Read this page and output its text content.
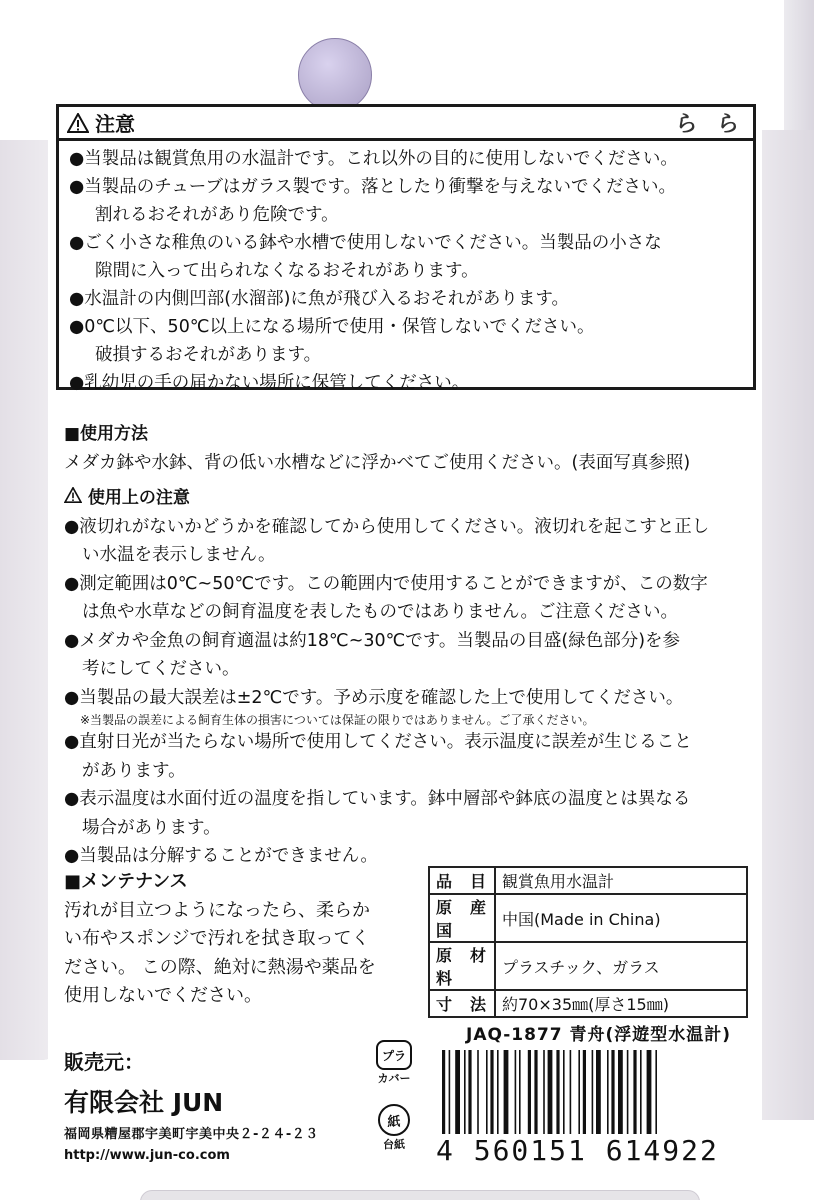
注意	ら ら
●当製品は観賞魚用の水温計です。これ以外の目的に使用しないでください。
●当製品のチューブはガラス製です。落としたり衝撃を与えないでください。
割れるおそれがあり危険です。
●ごく小さな稚魚のいる鉢や水槽で使用しないでください。当製品の小さな
隙間に入って出られなくなるおそれがあります。
●水温計の内側凹部(水溜部)に魚が飛び入るおそれがあります。
●0℃以下、50℃以上になる場所で使用・保管しないでください。
破損するおそれがあります。
●乳幼児の手の届かない場所に保管してください。
■使用方法
メダカ鉢や水鉢、背の低い水槽などに浮かべてご使用ください。(表面写真参照)
使用上の注意
●液切れがないかどうかを確認してから使用してください。液切れを起こすと正し
い水温を表示しません。
●測定範囲は0℃~50℃です。この範囲内で使用することができますが、この数字
は魚や水草などの飼育温度を表したものではありません。ご注意ください。
●メダカや金魚の飼育適温は約18℃~30℃です。当製品の目盛(緑色部分)を参
考にしてください。
●当製品の最大誤差は±2℃です。予め示度を確認した上で使用してください。
※当製品の誤差による飼育生体の損害については保証の限りではありません。ご了承ください。
●直射日光が当たらない場所で使用してください。表示温度に誤差が生じること
があります。
●表示温度は水面付近の温度を指しています。鉢中層部や鉢底の温度とは異なる
場合があります。
●当製品は分解することができません。
■メンテナンス
汚れが目立つようになったら、柔らか
い布やスポンジで汚れを拭き取ってく
ださい。 この際、絶対に熱湯や薬品を
使用しないでください。
品目	観賞魚用水温計
原産国	中国(Made in China)
原材料	プラスチック、ガラス
寸法	約70×35㎜(厚さ15㎜)
販売元：
有限会社 JUN
福岡県糟屋郡宇美町宇美中央２-２４-２３
http://www.jun-co.com
プラ
カバー
紙
台紙
JAQ-1877 青舟(浮遊型水温計)
4 560151 614922
